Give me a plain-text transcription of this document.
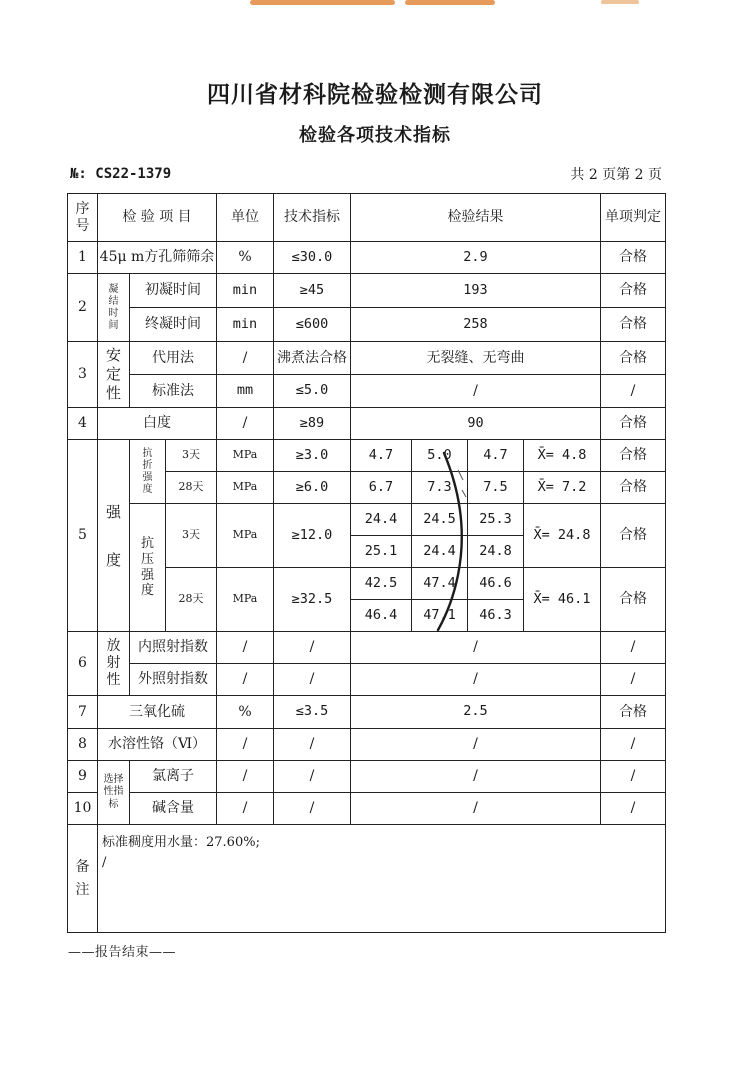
四川省材科院检验检测有限公司
检验各项技术指标
№: CS22-1379	共 2 页第 2 页
序号	检 验 项 目			单位	技术指标	检验结果				单项判定
1	45μ m方孔筛筛余			%	≤30.0	2.9				合格
2	凝结时间	初凝时间		min	≥45	193				合格
		终凝时间		min	≤600	258				合格
3	安定性	代用法		/	沸煮法合格	无裂缝、无弯曲				合格
		标准法		mm	≤5.0	/				/
4	白度			/	≥89	90				合格
5	强度	抗折强度	3天	MPa	≥3.0	4.7	5.0	4.7	X̄= 4.8	合格
			28天	MPa	≥6.0	6.7	7.3	7.5	X̄= 7.2	合格
		抗压强度	3天	MPa	≥12.0	24.4	24.5	25.3	X̄= 24.8	合格
						25.1	24.4	24.8		
			28天	MPa	≥32.5	42.5	47.4	46.6	X̄= 46.1	合格
						46.4	47.1	46.3		
6	放射性	内照射指数		/	/	/				/
		外照射指数		/	/	/				/
7	三氧化硫			%	≤3.5	2.5				合格
8	水溶性铬（Ⅵ）			/	/	/				/
9	选择性指标	氯离子		/	/	/				/
10		碱含量		/	/	/				/
备注	标准稠度用水量：27.60%;
/									
——报告结束——
